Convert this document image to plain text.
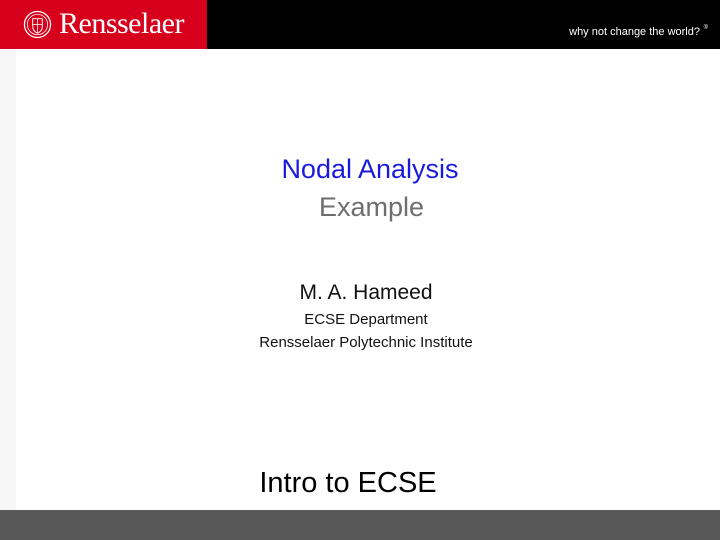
Rensselaer	why not change the world? ®
Nodal Analysis
Example
M. A. Hameed
ECSE Department
Rensselaer Polytechnic Institute
Intro to ECSE
